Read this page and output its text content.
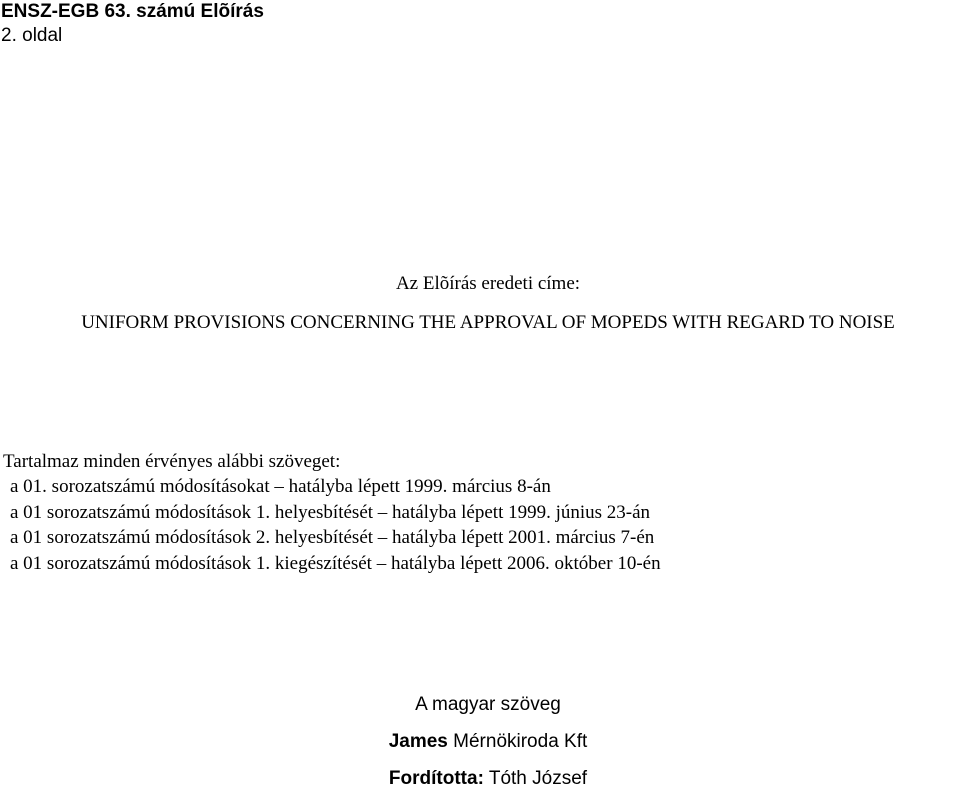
ENSZ-EGB 63. számú Elõírás
2. oldal
Az Elõírás eredeti címe:
UNIFORM PROVISIONS CONCERNING THE APPROVAL OF MOPEDS WITH REGARD TO NOISE
Tartalmaz minden érvényes alábbi szöveget:
a 01. sorozatszámú módosításokat – hatályba lépett 1999. március 8-án
a 01 sorozatszámú módosítások 1. helyesbítését – hatályba lépett 1999. június 23-án
a 01 sorozatszámú módosítások 2. helyesbítését – hatályba lépett 2001. március 7-én
a 01 sorozatszámú módosítások 1. kiegészítését – hatályba lépett 2006. október 10-én
A magyar szöveg
James Mérnökiroda Kft
Fordította: Tóth József
